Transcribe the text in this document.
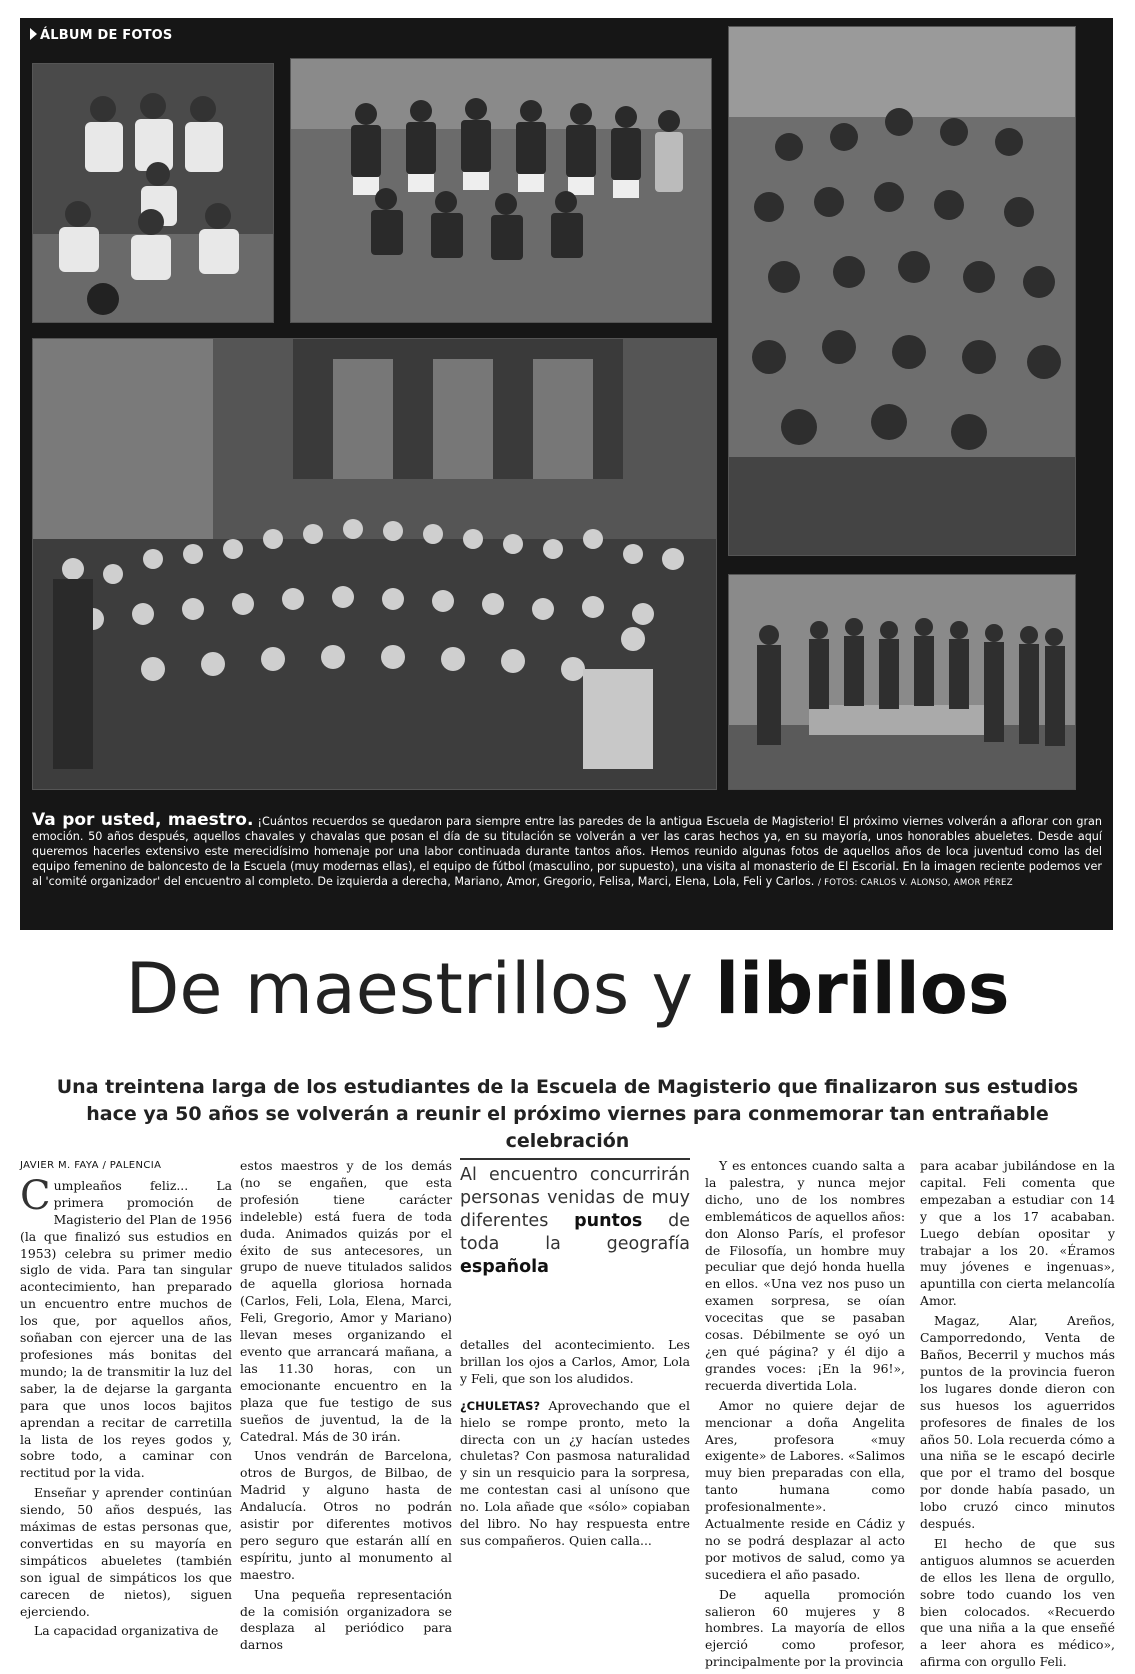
ÁLBUM DE FOTOS
Va por usted, maestro. ¡Cuántos recuerdos se quedaron para siempre entre las paredes de la antigua Escuela de Magisterio! El próximo viernes volverán a aflorar con gran emoción. 50 años después, aquellos chavales y chavalas que posan el día de su titulación se volverán a ver las caras hechos ya, en su mayoría, unos honorables abueletes. Desde aquí queremos hacerles extensivo este merecidísimo homenaje por una labor continuada durante tantos años. Hemos reunido algunas fotos de aquellos años de loca juventud como las del equipo femenino de baloncesto de la Escuela (muy modernas ellas), el equipo de fútbol (masculino, por supuesto), una visita al monasterio de El Escorial. En la imagen reciente podemos ver al 'comité organizador' del encuentro al completo. De izquierda a derecha, Mariano, Amor, Gregorio, Felisa, Marci, Elena, Lola, Feli y Carlos. / FOTOS: CARLOS V. ALONSO, AMOR PÉREZ
De maestrillos y librillos
Una treintena larga de los estudiantes de la Escuela de Magisterio que finalizaron sus estudios hace ya 50 años se volverán a reunir el próximo viernes para conmemorar tan entrañable celebración
JAVIER M. FAYA / PALENCIA

Cumpleaños feliz... La primera promoción de Magisterio del Plan de 1956 (la que finalizó sus estudios en 1953) celebra su primer medio siglo de vida. Para tan singular acontecimiento, han preparado un encuentro entre muchos de los que, por aquellos años, soñaban con ejercer una de las profesiones más bonitas del mundo; la de transmitir la luz del saber, la de dejarse la garganta para que unos locos bajitos aprendan a recitar de carretilla la lista de los reyes godos y, sobre todo, a caminar con rectitud por la vida.

Enseñar y aprender continúan siendo, 50 años después, las máximas de estas personas que, convertidas en su mayoría en simpáticos abueletes (también son igual de simpáticos los que carecen de nietos), siguen ejerciendo.

La capacidad organizativa de

estos maestros y de los demás (no se engañen, que esta profesión tiene carácter indeleble) está fuera de toda duda. Animados quizás por el éxito de sus antecesores, un grupo de nueve titulados salidos de aquella gloriosa hornada (Carlos, Feli, Lola, Elena, Marci, Feli, Gregorio, Amor y Mariano) llevan meses organizando el evento que arrancará mañana, a las 11.30 horas, con un emocionante encuentro en la plaza que fue testigo de sus sueños de juventud, la de la Catedral. Más de 30 irán.

Unos vendrán de Barcelona, otros de Burgos, de Bilbao, de Madrid y alguno hasta de Andalucía. Otros no podrán asistir por diferentes motivos pero seguro que estarán allí en espíritu, junto al monumento al maestro.

Una pequeña representación de la comisión organizadora se desplaza al periódico para darnos

Al encuentro concurrirán personas venidas de muy diferentes puntos de toda la geografía española

detalles del acontecimiento. Les brillan los ojos a Carlos, Amor, Lola y Feli, que son los aludidos.

¿CHULETAS? Aprovechando que el hielo se rompe pronto, meto la directa con un ¿y hacían ustedes chuletas? Con pasmosa naturalidad y sin un resquicio para la sorpresa, me contestan casi al unísono que no. Lola añade que «sólo» copiaban del libro. No hay respuesta entre sus compañeros. Quien calla...

Y es entonces cuando salta a la palestra, y nunca mejor dicho, uno de los nombres emblemáticos de aquellos años: don Alonso París, el profesor de Filosofía, un hombre muy peculiar que dejó honda huella en ellos. «Una vez nos puso un examen sorpresa, se oían vocecitas que se pasaban cosas. Débilmente se oyó un ¿en qué página? y él dijo a grandes voces: ¡En la 96!», recuerda divertida Lola.

Amor no quiere dejar de mencionar a doña Angelita Ares, profesora «muy exigente» de Labores. «Salimos muy bien preparadas con ella, tanto humana como profesionalmente». Actualmente reside en Cádiz y no se podrá desplazar al acto por motivos de salud, como ya sucediera el año pasado.

De aquella promoción salieron 60 mujeres y 8 hombres. La mayoría de ellos ejerció como profesor, principalmente por la provincia

para acabar jubilándose en la capital. Feli comenta que empezaban a estudiar con 14 y que a los 17 acababan. Luego debían opositar y trabajar a los 20. «Éramos muy jóvenes e ingenuas», apuntilla con cierta melancolía Amor.

Magaz, Alar, Areños, Camporredondo, Venta de Baños, Becerril y muchos más puntos de la provincia fueron los lugares donde dieron con sus huesos los aguerridos profesores de finales de los años 50. Lola recuerda cómo a una niña se le escapó decirle que por el tramo del bosque por donde había pasado, un lobo cruzó cinco minutos después.

El hecho de que sus antiguos alumnos se acuerden de ellos les llena de orgullo, sobre todo cuando los ven bien colocados. «Recuerdo que una niña a la que enseñé a leer ahora es médico», afirma con orgullo Feli.
